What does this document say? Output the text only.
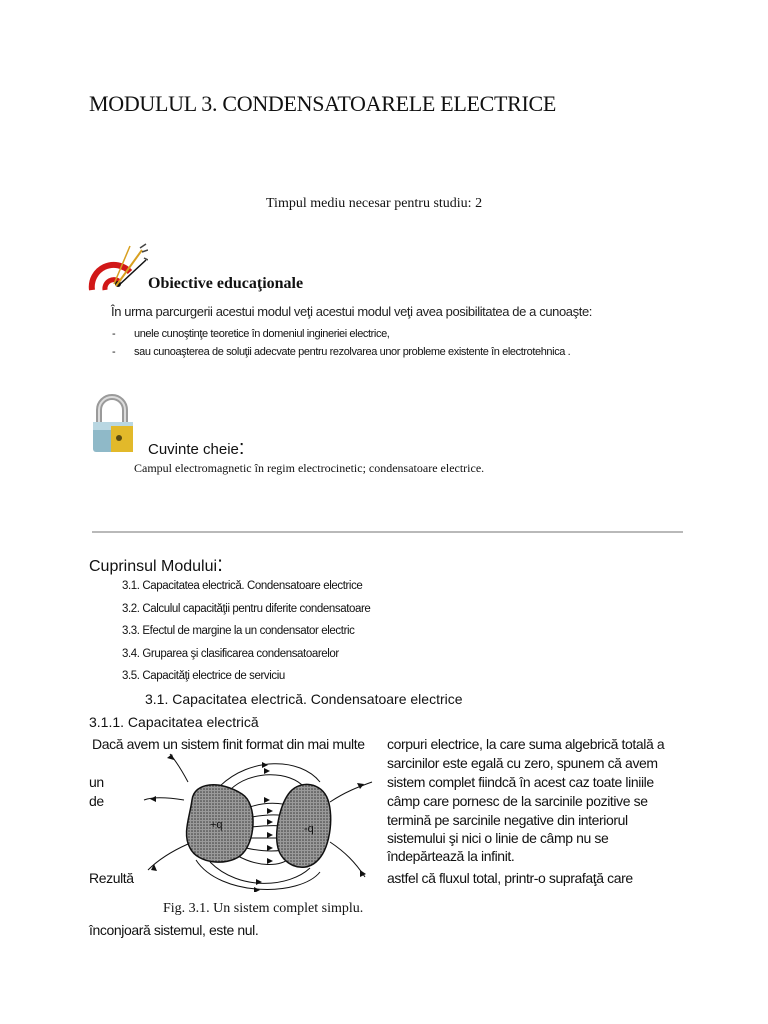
MODULUL 3. CONDENSATOARELE ELECTRICE
Timpul mediu necesar pentru studiu: 2
Obiective educaţionale
În urma parcurgerii acestui modul veţi acestui modul veţi avea posibilitatea de a cunoaşte:
- unele cunoştinţe teoretice în domeniul ingineriei electrice,
- sau cunoaşterea de soluţii adecvate pentru rezolvarea unor probleme existente în electrotehnica .
Cuvinte cheie:
Campul electromagnetic în regim electrocinetic; condensatoare electrice.
Cuprinsul Modului:
3.1. Capacitatea electrică. Condensatoare electrice
3.2. Calculul capacităţii pentru diferite condensatoare
3.3. Efectul de margine la un condensator electric
3.4. Gruparea şi clasificarea condensatoarelor
3.5. Capacităţi electrice de serviciu
3.1. Capacitatea electrică. Condensatoare electrice
3.1.1. Capacitatea electrică
Dacă avem un sistem finit format din mai multe corpuri electrice, la care suma algebrică totală a
sarcinilor este egală cu zero, spunem că avem
un	sistem complet fiindcă în acest caz toate liniile
de	câmp care pornesc de la sarcinile pozitive se
termină pe sarcinile negative din interiorul
sistemului şi nici o linie de câmp nu se
îndepărtează la infinit.
Rezultă	astfel că fluxul total, printr-o suprafaţă care
+q	-q
Fig. 3.1. Un sistem complet simplu.
înconjoară sistemul, este nul.
